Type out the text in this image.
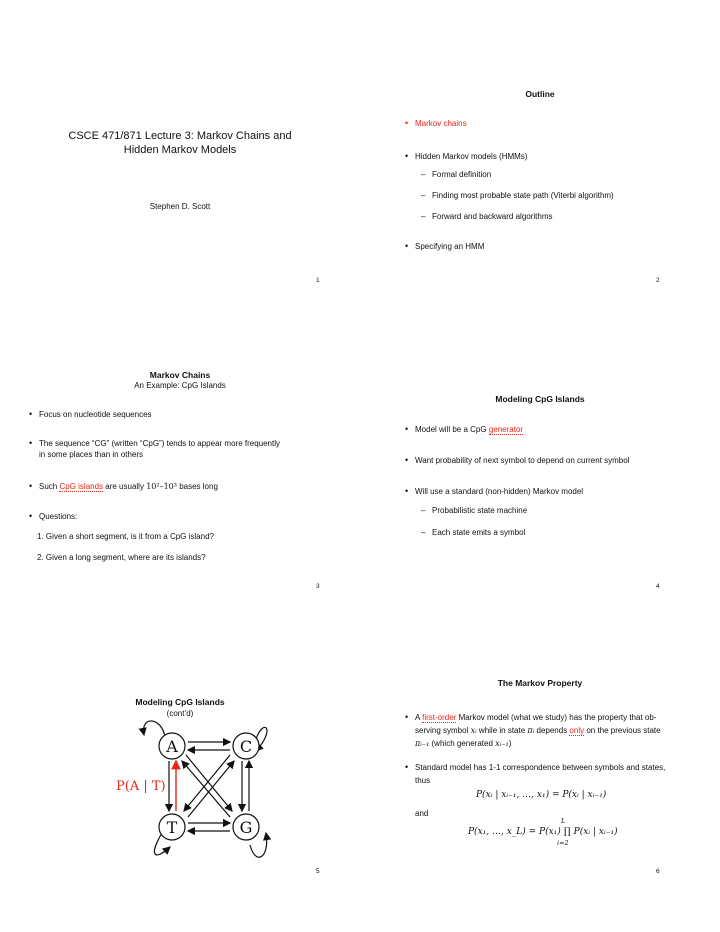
CSCE 471/871 Lecture 3: Markov Chains and
Hidden Markov Models
Stephen D. Scott
1
Outline
• Markov chains
• Hidden Markov models (HMMs)
– Formal definition
– Finding most probable state path (Viterbi algorithm)
– Forward and backward algorithms
• Specifying an HMM
2
Markov Chains
An Example: CpG Islands
• Focus on nucleotide sequences
• The sequence “CG” (written “CpG”) tends to appear more frequently
in some places than in others
• Such CpG islands are usually 10²–10³ bases long
• Questions:
1. Given a short segment, is it from a CpG island?
2. Given a long segment, where are its islands?
3
Modeling CpG Islands
• Model will be a CpG generator
• Want probability of next symbol to depend on current symbol
• Will use a standard (non-hidden) Markov model
– Probabilistic state machine
– Each state emits a symbol
4
Modeling CpG Islands
(cont’d)
A	C
T	G
P(A | T)
5
The Markov Property
• A first-order Markov model (what we study) has the property that ob-
serving symbol xᵢ while in state πᵢ depends only on the previous state
πᵢ₋₁ (which generated xᵢ₋₁)
• Standard model has 1-1 correspondence between symbols and states,
thus
P(xᵢ | xᵢ₋₁, …, x₁) = P(xᵢ | xᵢ₋₁)
and
L
P(x₁, …, x_L) = P(x₁) ∏ P(xᵢ | xᵢ₋₁)
i=2
6
